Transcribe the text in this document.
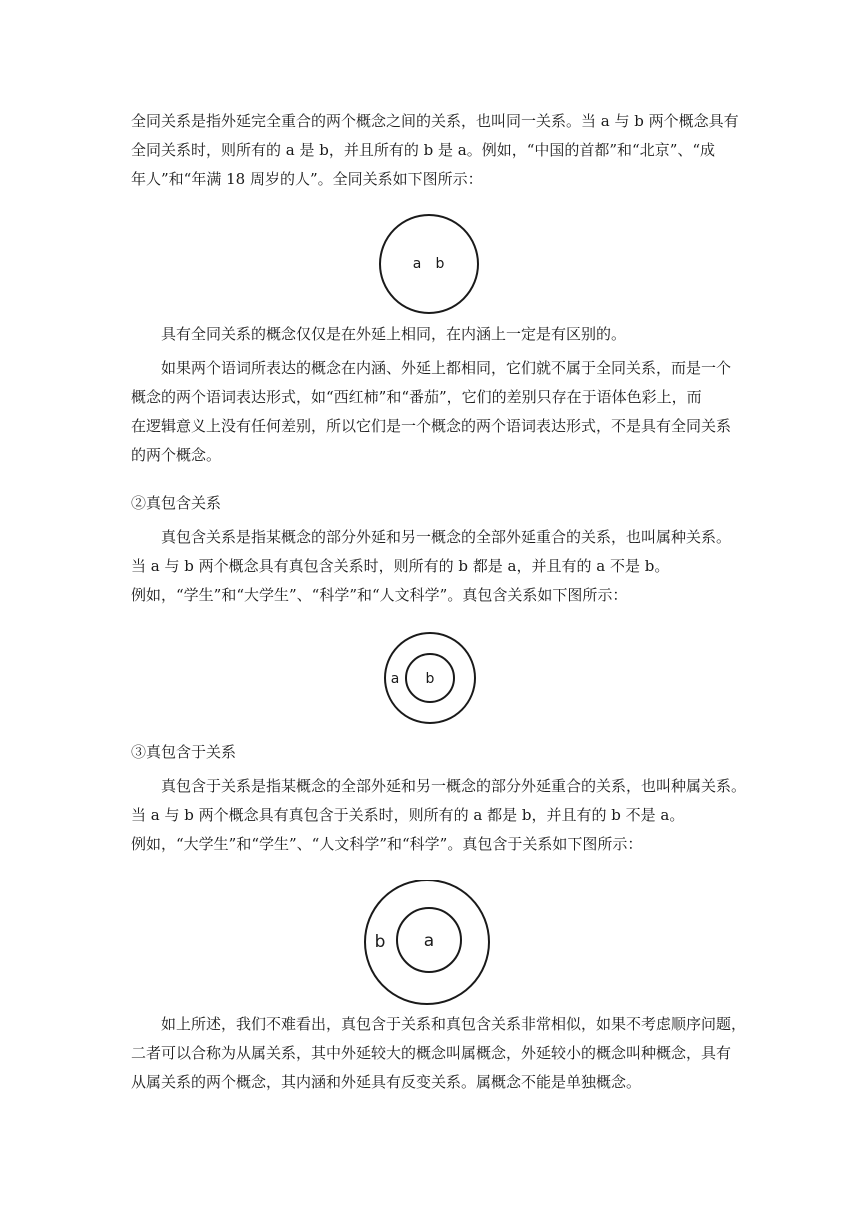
全同关系是指外延完全重合的两个概念之间的关系，也叫同一关系。当 a 与 b 两个概念具有
全同关系时，则所有的 a 是 b，并且所有的 b 是 a。例如，“中国的首都”和“北京”、“成
年人”和“年满 18 周岁的人”。全同关系如下图所示：
a b
具有全同关系的概念仅仅是在外延上相同，在内涵上一定是有区别的。
如果两个语词所表达的概念在内涵、外延上都相同，它们就不属于全同关系，而是一个
概念的两个语词表达形式，如“西红柿”和“番茄”，它们的差别只存在于语体色彩上，而
在逻辑意义上没有任何差别，所以它们是一个概念的两个语词表达形式，不是具有全同关系
的两个概念。
②真包含关系
真包含关系是指某概念的部分外延和另一概念的全部外延重合的关系，也叫属种关系。
当 a 与 b 两个概念具有真包含关系时，则所有的 b 都是 a，并且有的 a 不是 b。
例如，“学生”和“大学生”、“科学”和“人文科学”。真包含关系如下图所示：
a b
③真包含于关系
真包含于关系是指某概念的全部外延和另一概念的部分外延重合的关系，也叫种属关系。
当 a 与 b 两个概念具有真包含于关系时，则所有的 a 都是 b，并且有的 b 不是 a。
例如，“大学生”和“学生”、“人文科学”和“科学”。真包含于关系如下图所示：
b a
如上所述，我们不难看出，真包含于关系和真包含关系非常相似，如果不考虑顺序问题，
二者可以合称为从属关系，其中外延较大的概念叫属概念，外延较小的概念叫种概念，具有
从属关系的两个概念，其内涵和外延具有反变关系。属概念不能是单独概念。
